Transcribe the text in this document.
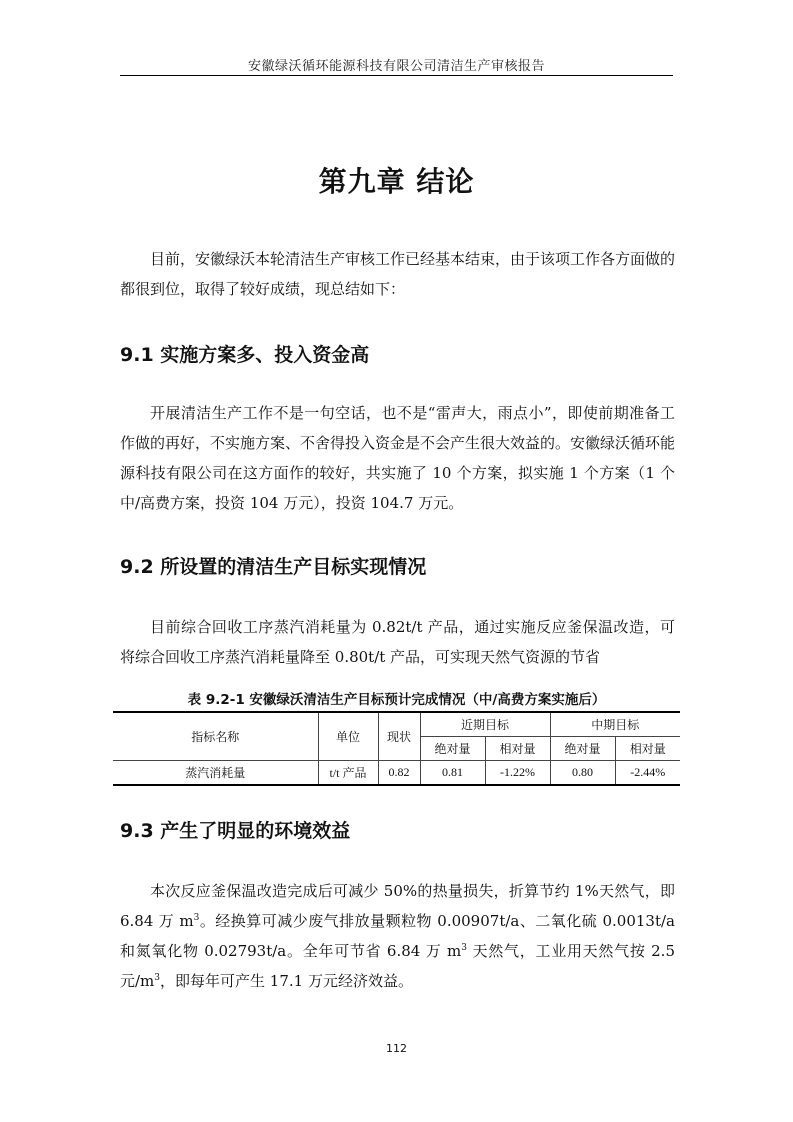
安徽绿沃循环能源科技有限公司清洁生产审核报告
第九章 结论

目前，安徽绿沃本轮清洁生产审核工作已经基本结束，由于该项工作各方面做的都很到位，取得了较好成绩，现总结如下：

9.1 实施方案多、投入资金高

开展清洁生产工作不是一句空话，也不是“雷声大，雨点小”，即使前期准备工作做的再好，不实施方案、不舍得投入资金是不会产生很大效益的。安徽绿沃循环能源科技有限公司在这方面作的较好，共实施了 10 个方案，拟实施 1 个方案（1 个中/高费方案，投资 104 万元），投资 104.7 万元。

9.2 所设置的清洁生产目标实现情况

目前综合回收工序蒸汽消耗量为 0.82t/t 产品，通过实施反应釜保温改造，可将综合回收工序蒸汽消耗量降至 0.80t/t 产品，可实现天然气资源的节省

表 9.2-1 安徽绿沃清洁生产目标预计完成情况（中/高费方案实施后）
指标名称	单位	现状	近期目标		中期目标	
			绝对量	相对量	绝对量	相对量
蒸汽消耗量	t/t 产品	0.82	0.81	-1.22%	0.80	-2.44%
9.3 产生了明显的环境效益

本次反应釜保温改造完成后可减少 50%的热量损失，折算节约 1%天然气，即 6.84 万 $m^3$。经换算可减少废气排放量颗粒物 0.00907t/a、二氧化硫 0.0013t/a 和氮氧化物 0.02793t/a。全年可节省 6.84 万 $m^3$ 天然气，工业用天然气按 2.5 元$/m^3$，即每年可产生 17.1 万元经济效益。

112
